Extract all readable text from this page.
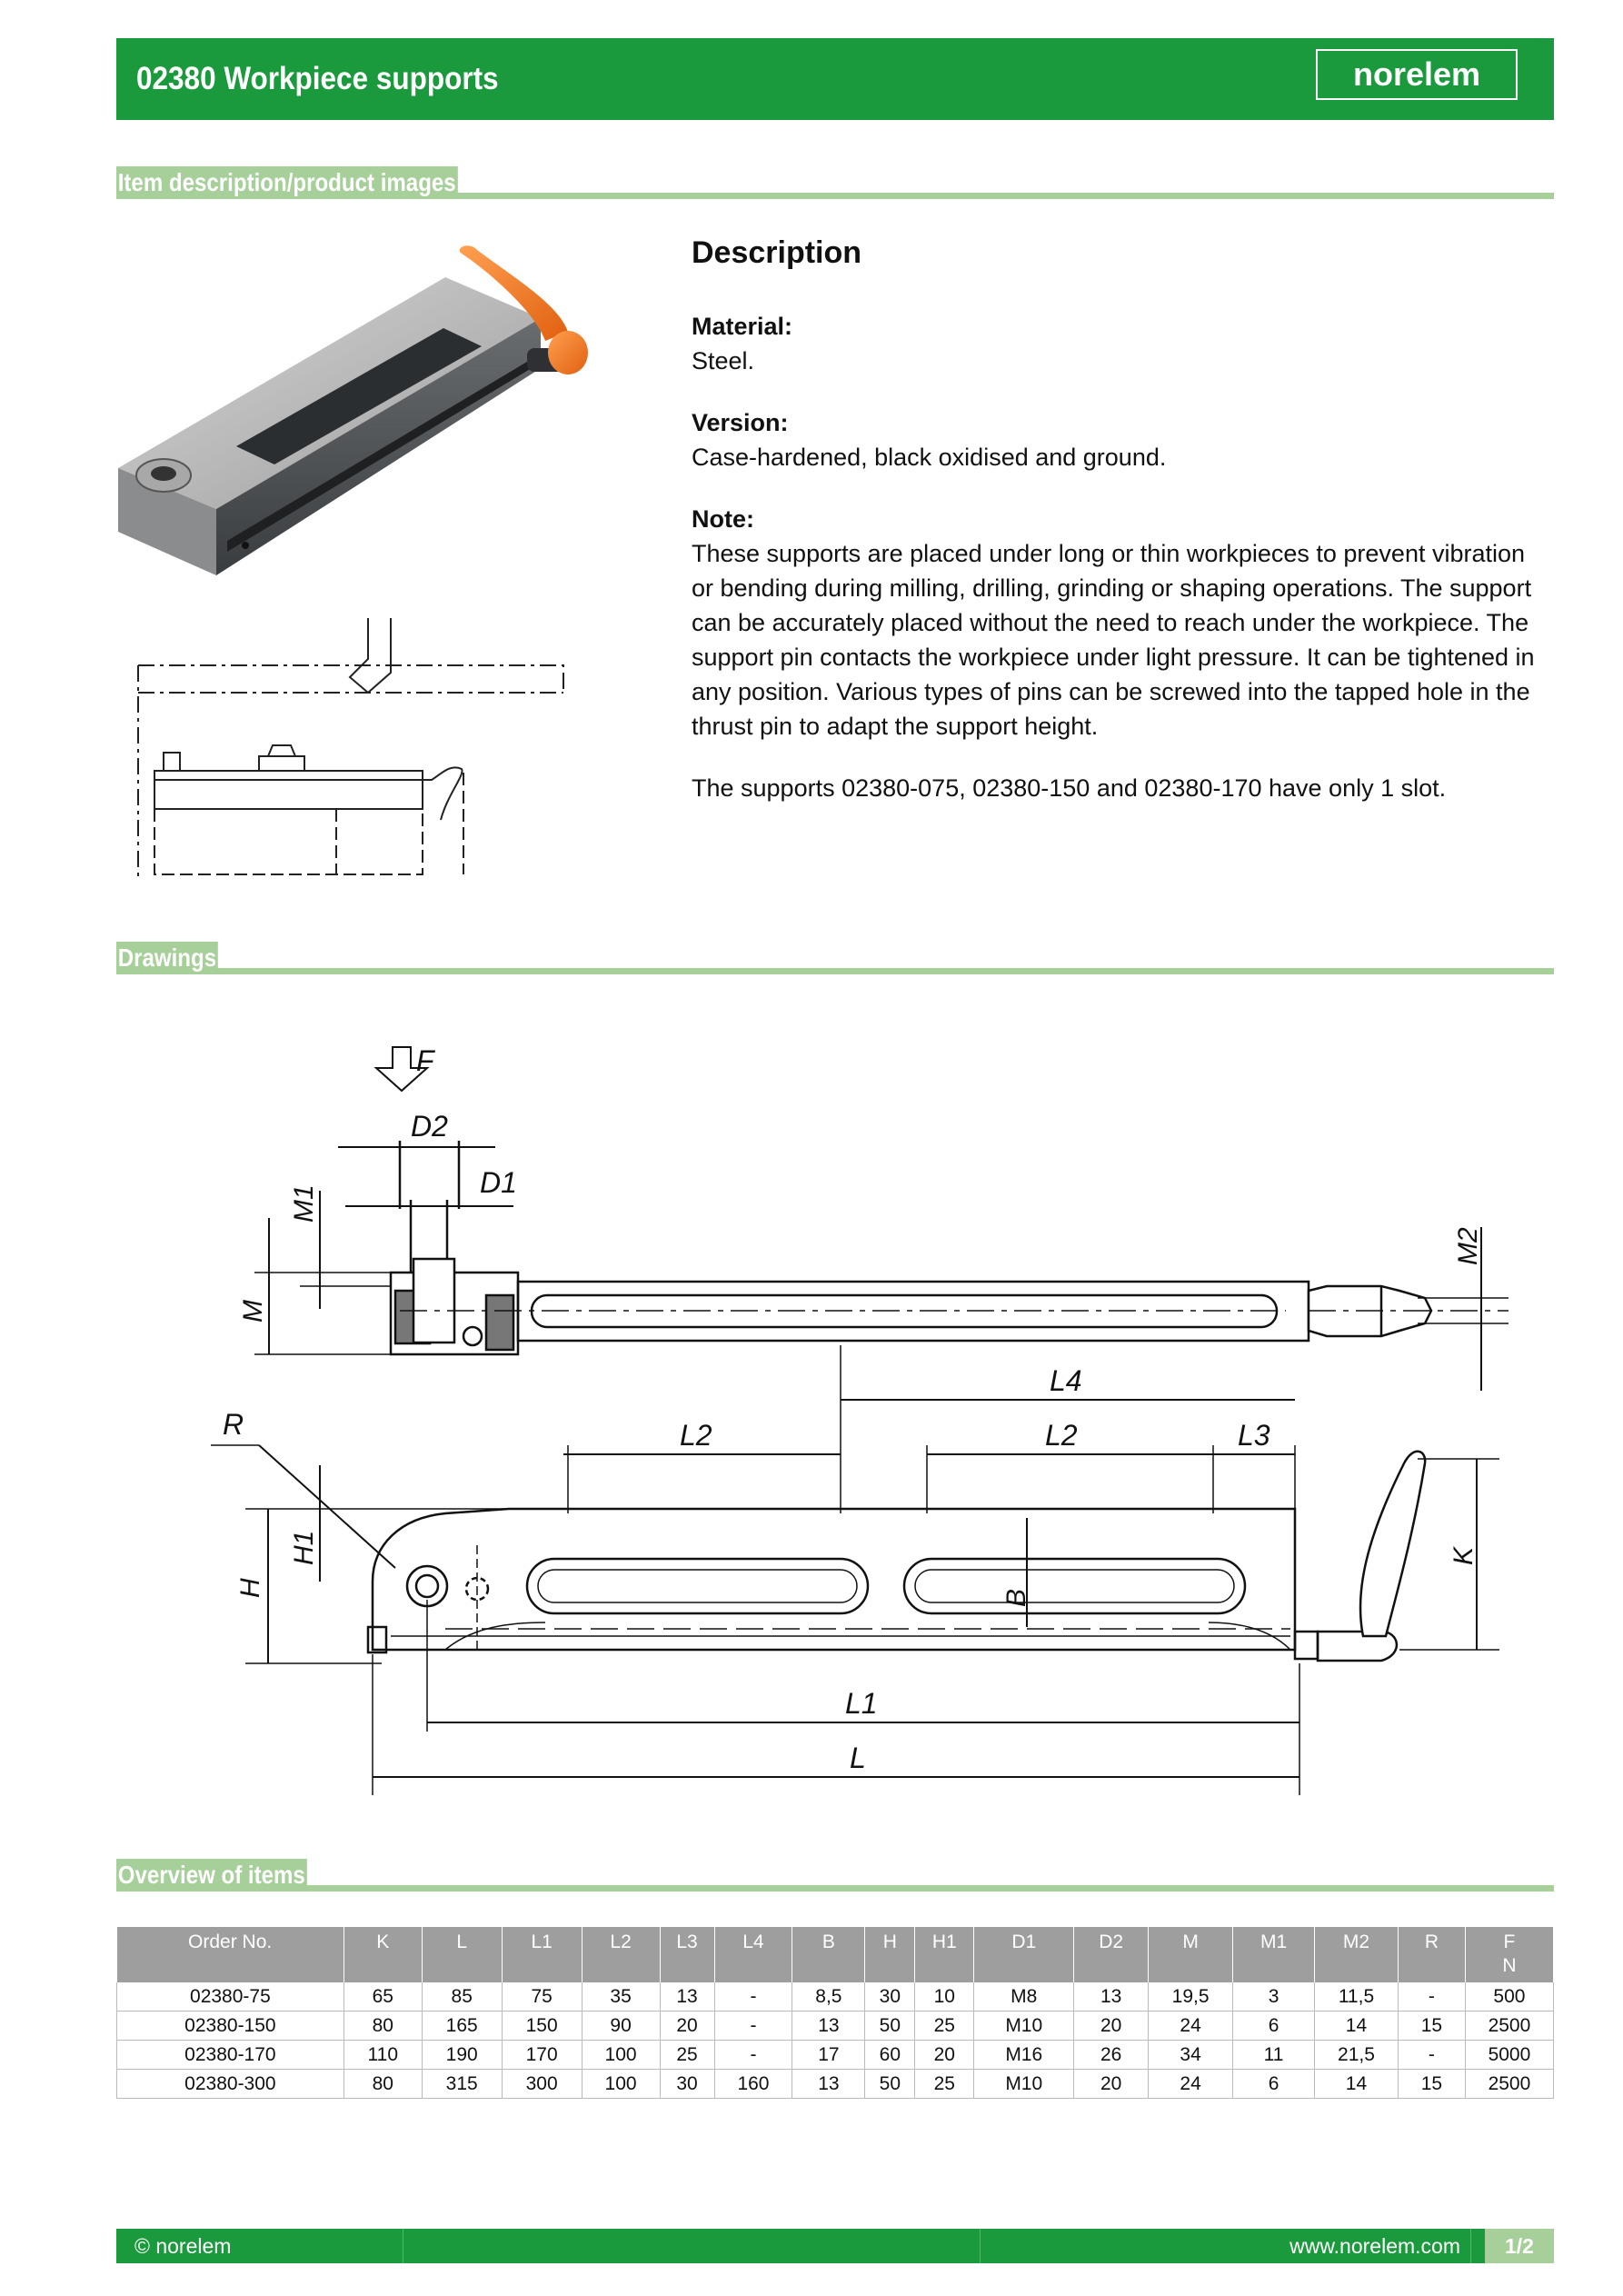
02380 Workpiece supports	norelem
Item description/product images
Description
Material:

Steel.

Version:

Case-hardened, black oxidised and ground.

Note:

These supports are placed under long or thin workpieces to prevent vibration or bending during milling, drilling, grinding or shaping operations. The support can be accurately placed without the need to reach under the workpiece. The support pin contacts the workpiece under light pressure. It can be tightened in any position. Various types of pins can be screwed into the tapped hole in the thrust pin to adapt the support height.

The supports 02380-075, 02380-150 and 02380-170 have only 1 slot.

Drawings
F
D2
D1
M1
M
M2
L4
L2	L2	L3
R
H
H1
B
K
L1
L
Overview of items
Order No.	K	L	L1	L2	L3	L4	B	H	H1	D1	D2	M	M1	M2	R	F
N
02380-75	65	85	75	35	13	-	8,5	30	10	M8	13	19,5	3	11,5	-	500
02380-150	80	165	150	90	20	-	13	50	25	M10	20	24	6	14	15	2500
02380-170	110	190	170	100	25	-	17	60	20	M16	26	34	11	21,5	-	5000
02380-300	80	315	300	100	30	160	13	50	25	M10	20	24	6	14	15	2500
© norelem	www.norelem.com	1/2
